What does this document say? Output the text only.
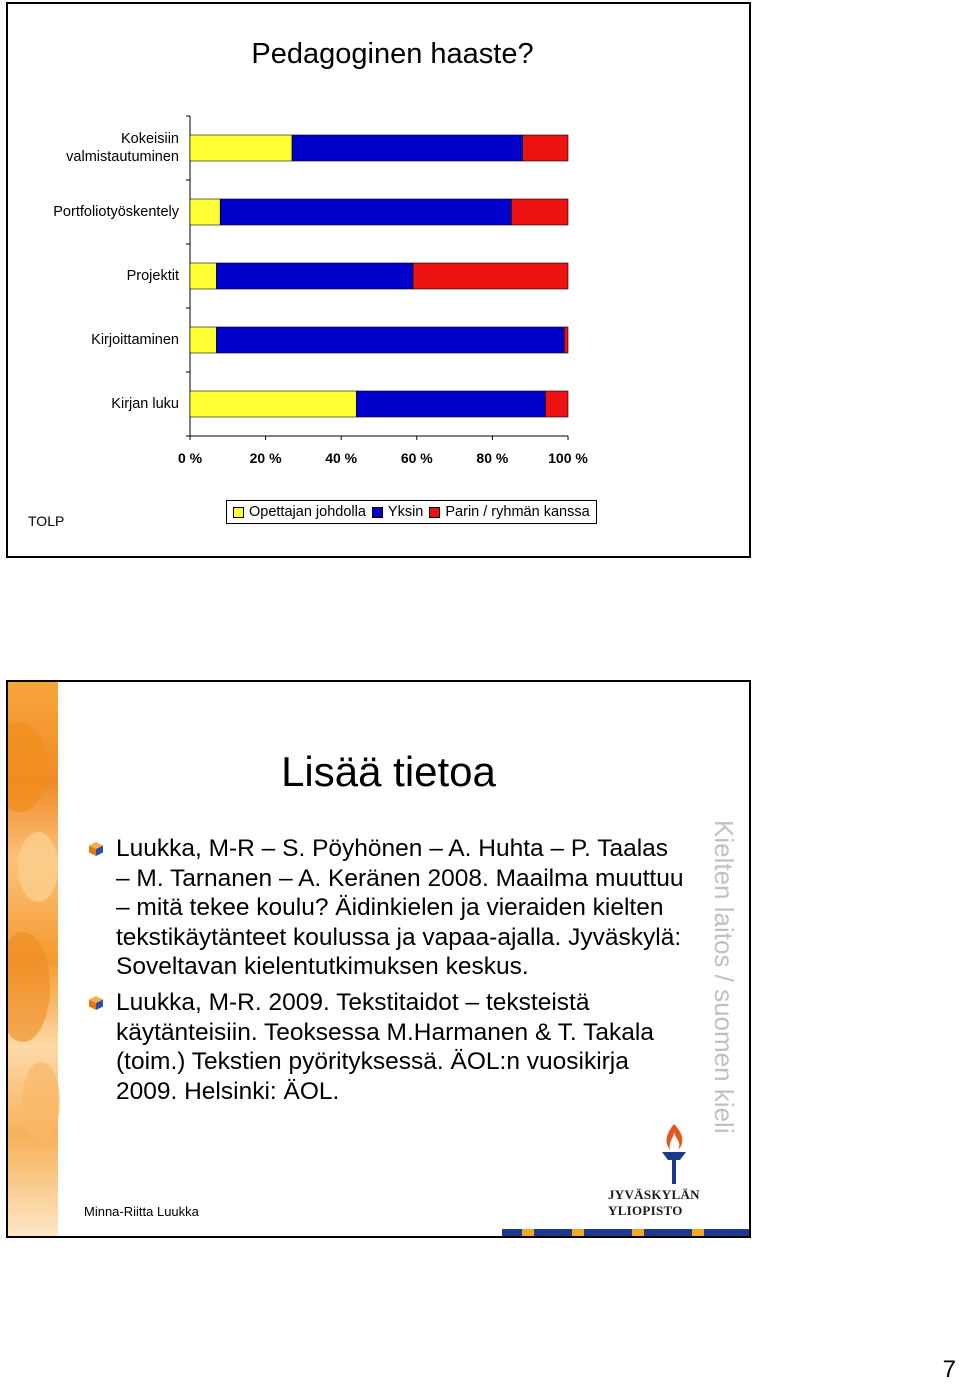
Pedagoginen haaste?
Kokeisiin
valmistautuminen
Portfoliotyöskentely
Projektit
Kirjoittaminen
Kirjan luku
0 %	20 %	40 %	60 %	80 %	100 %
TOLP
Opettajan johdolla Yksin Parin / ryhmän kanssa
Lisää tietoa
Luukka, M-R – S. Pöyhönen – A. Huhta – P. Taalas – M. Tarnanen – A. Keränen 2008. Maailma muuttuu – mitä tekee koulu? Äidinkielen ja vieraiden kielten tekstikäytänteet koulussa ja vapaa-ajalla. Jyväskylä: Soveltavan kielentutkimuksen keskus.
Luukka, M-R. 2009. Tekstitaidot – teksteistä käytänteisiin. Teoksessa M.Harmanen & T. Takala (toim.) Tekstien pyörityksessä. ÄOL:n vuosikirja 2009. Helsinki: ÄOL.	Kielten laitos / suomen kieli
Minna-Riitta Luukka
JYVÄSKYLÄN YLIOPISTO
7
